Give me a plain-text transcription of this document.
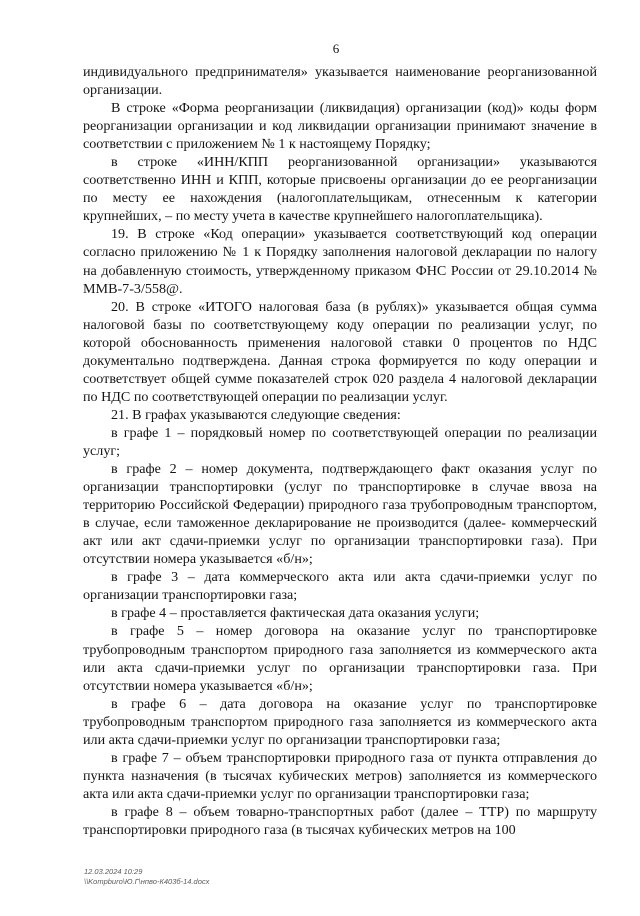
6

индивидуального предпринимателя» указывается наименование реорганизованной организации.

В строке «Форма реорганизации (ликвидация) организации (код)» коды форм реорганизации организации и код ликвидации организации принимают значение в соответствии с приложением № 1 к настоящему Порядку;

в строке «ИНН/КПП реорганизованной организации» указываются соответственно ИНН и КПП, которые присвоены организации до ее реорганизации по месту ее нахождения (налогоплательщикам, отнесенным к категории крупнейших, – по месту учета в качестве крупнейшего налогоплательщика).

19. В строке «Код операции» указывается соответствующий код операции согласно приложению № 1 к Порядку заполнения налоговой декларации по налогу на добавленную стоимость, утвержденному приказом ФНС России от 29.10.2014 № ММВ-7-3/558@.

20. В строке «ИТОГО налоговая база (в рублях)» указывается общая сумма налоговой базы по соответствующему коду операции по реализации услуг, по которой обоснованность применения налоговой ставки 0 процентов по НДС документально подтверждена. Данная строка формируется по коду операции и соответствует общей сумме показателей строк 020 раздела 4 налоговой декларации по НДС по соответствующей операции по реализации услуг.

21. В графах указываются следующие сведения:

в графе 1 – порядковый номер по соответствующей операции по реализации услуг;

в графе 2 – номер документа, подтверждающего факт оказания услуг по организации транспортировки (услуг по транспортировке в случае ввоза на территорию Российской Федерации) природного газа трубопроводным транспортом, в случае, если таможенное декларирование не производится (далее- коммерческий акт или акт сдачи-приемки услуг по организации транспортировки газа). При отсутствии номера указывается «б/н»;

в графе 3 – дата коммерческого акта или акта сдачи-приемки услуг по организации транспортировки газа;

в графе 4 – проставляется фактическая дата оказания услуги;

в графе 5 – номер договора на оказание услуг по транспортировке трубопроводным транспортом природного газа заполняется из коммерческого акта или акта сдачи-приемки услуг по организации транспортировки газа. При отсутствии номера указывается «б/н»;

в графе 6 – дата договора на оказание услуг по транспортировке трубопроводным транспортом природного газа заполняется из коммерческого акта или акта сдачи-приемки услуг по организации транспортировки газа;

в графе 7 – объем транспортировки природного газа от пункта отправления до пункта назначения (в тысячах кубических метров) заполняется из коммерческого акта или акта сдачи-приемки услуг по организации транспортировки газа;

в графе 8 – объем товарно-транспортных работ (далее – ТТР) по маршруту транспортировки природного газа (в тысячах кубических метров на 100

12.03.2024 10:29
\\Kompburo\Ю.Г\нпво-К403б-14.docx
